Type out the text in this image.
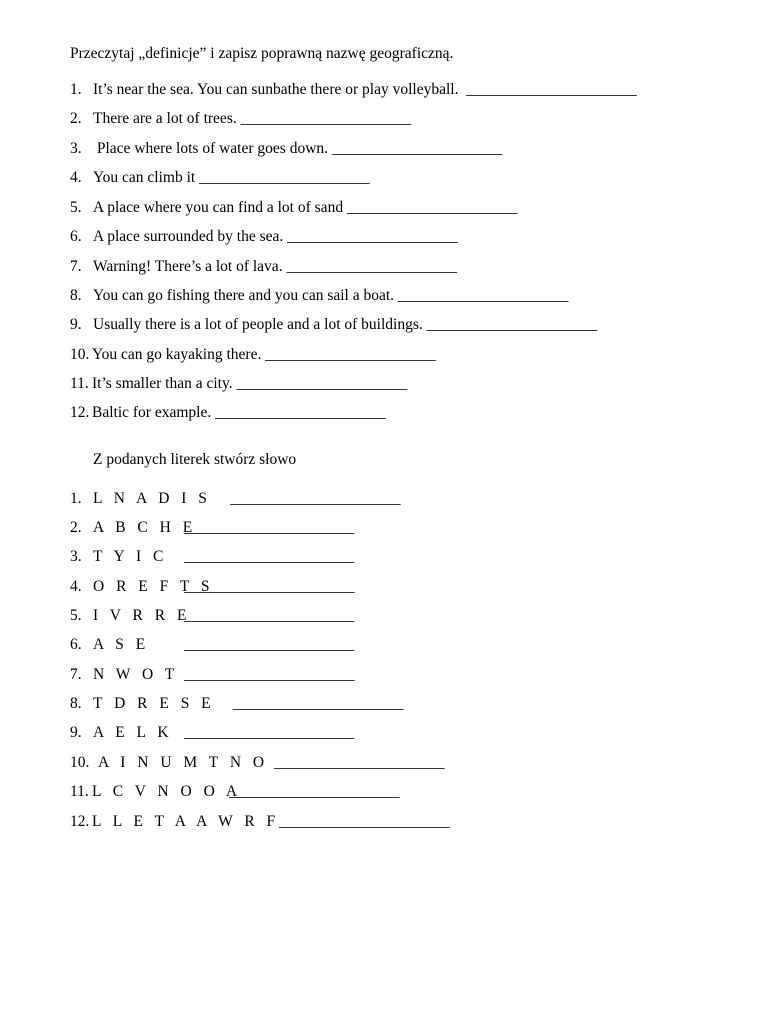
Przeczytaj „definicje” i zapisz poprawną nazwę geograficzną.
1. It’s near the sea. You can sunbathe there or play volleyball.  ______________________
2. There are a lot of trees. ______________________
3. Place where lots of water goes down. ______________________
4. You can climb it ______________________
5. A place where you can find a lot of sand ______________________
6. A place surrounded by the sea. ______________________
7. Warning! There’s a lot of lava. ______________________
8. You can go fishing there and you can sail a boat. ______________________
9. Usually there is a lot of people and a lot of buildings. ______________________
10. You can go kayaking there. ______________________
11. It’s smaller than a city. ______________________
12. Baltic for example. ______________________
Z podanych literek stwórz słowo
1. L N A D I S ______________________
2. A B C H E
______________________
3. T Y I C ______________________
4. O R E F T S
______________________
5. I V R R E
______________________
6. A S E ______________________
7. N W O T ______________________
8. T D R E S E ______________________
9. A E L K ______________________
10. A I N U M T N O ______________________
11. L C V N O O A
______________________
12. L L E T A A W R F ______________________
